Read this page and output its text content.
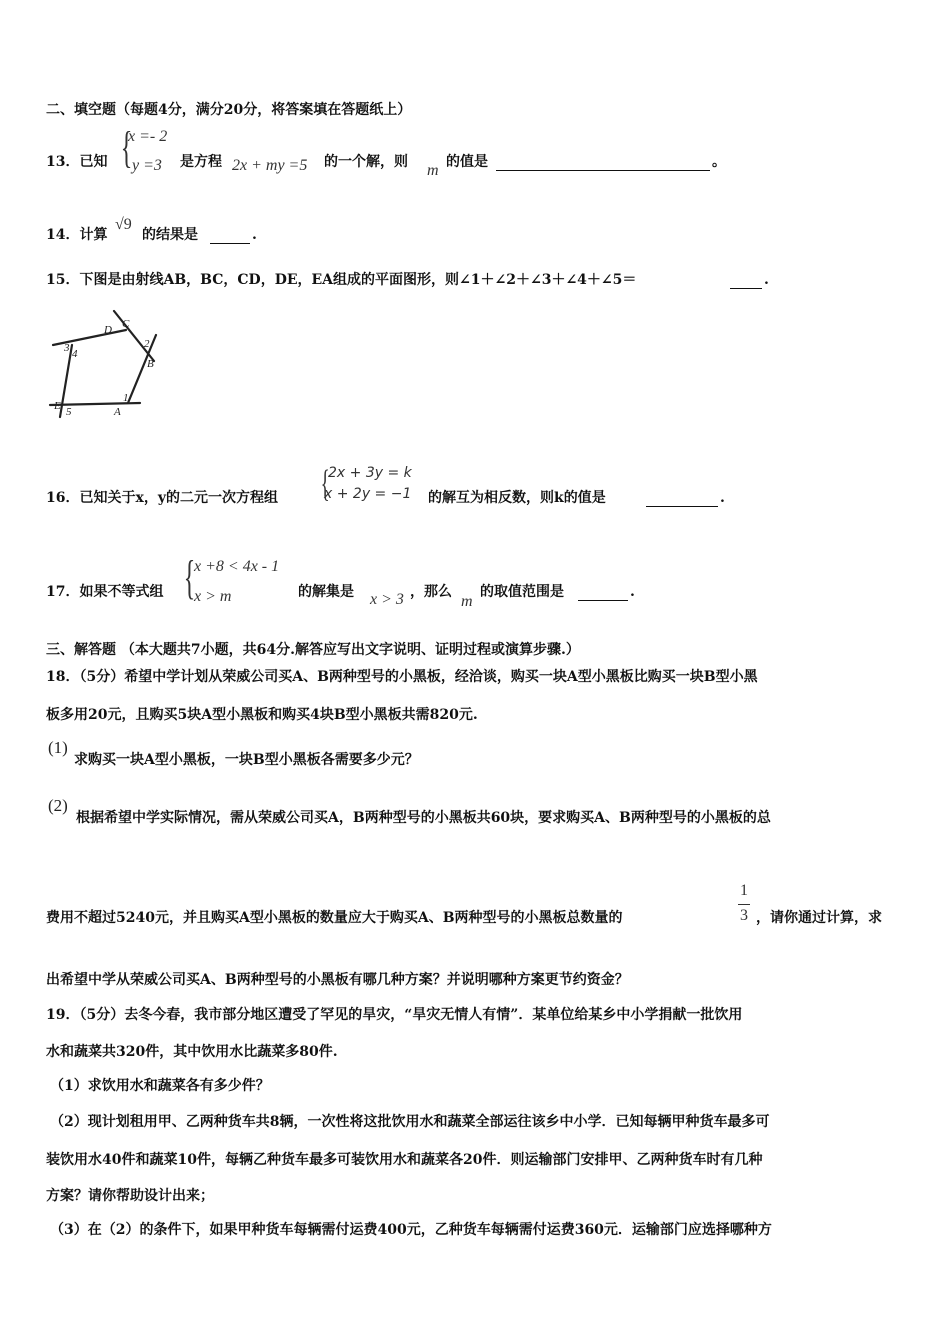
二、填空题（每题4分，满分20分，将答案填在答题纸上）
13．已知 {
x =- 2
y =3 是方程 2x + my =5 的一个解，则 m 的值是	。
14．计算
√9
的结果是	.
15．下图是由射线AB，BC，CD，DE，EA组成的平面图形，则∠1＋∠2＋∠3＋∠4＋∠5＝	.
D C
3 4
2
B
E 5	A
1
16．已知关于x，y的二元一次方程组 {
2x + 3y = k
x + 2y = −1 的解互为相反数，则k的值是	.
17．如果不等式组 {
x +8 < 4x - 1
x > m	的解集是 x > 3 ，那么
m
的取值范围是	.
三、解答题 （本大题共7小题，共64分.解答应写出文字说明、证明过程或演算步骤.）
18．（5分）希望中学计划从荣威公司买A、B两种型号的小黑板，经洽谈，购买一块A型小黑板比购买一块B型小黑
板多用20元，且购买5块A型小黑板和购买4块B型小黑板共需820元.
(1)
求购买一块A型小黑板，一块B型小黑板各需要多少元？
(2)
根据希望中学实际情况，需从荣威公司买A，B两种型号的小黑板共60块，要求购买A、B两种型号的小黑板的总
费用不超过5240元，并且购买A型小黑板的数量应大于购买A、B两种型号的小黑板总数量的
1
3 ，请你通过计算，求
出希望中学从荣威公司买A、B两种型号的小黑板有哪几种方案？并说明哪种方案更节约资金？
19．（5分）去冬今春，我市部分地区遭受了罕见的旱灾，“旱灾无情人有情”．某单位给某乡中小学捐献一批饮用
水和蔬菜共320件，其中饮用水比蔬菜多80件.
（1）求饮用水和蔬菜各有多少件？
（2）现计划租用甲、乙两种货车共8辆，一次性将这批饮用水和蔬菜全部运往该乡中小学．已知每辆甲种货车最多可
装饮用水40件和蔬菜10件，每辆乙种货车最多可装饮用水和蔬菜各20件．则运输部门安排甲、乙两种货车时有几种
方案？请你帮助设计出来；
（3）在（2）的条件下，如果甲种货车每辆需付运费400元，乙种货车每辆需付运费360元．运输部门应选择哪种方
